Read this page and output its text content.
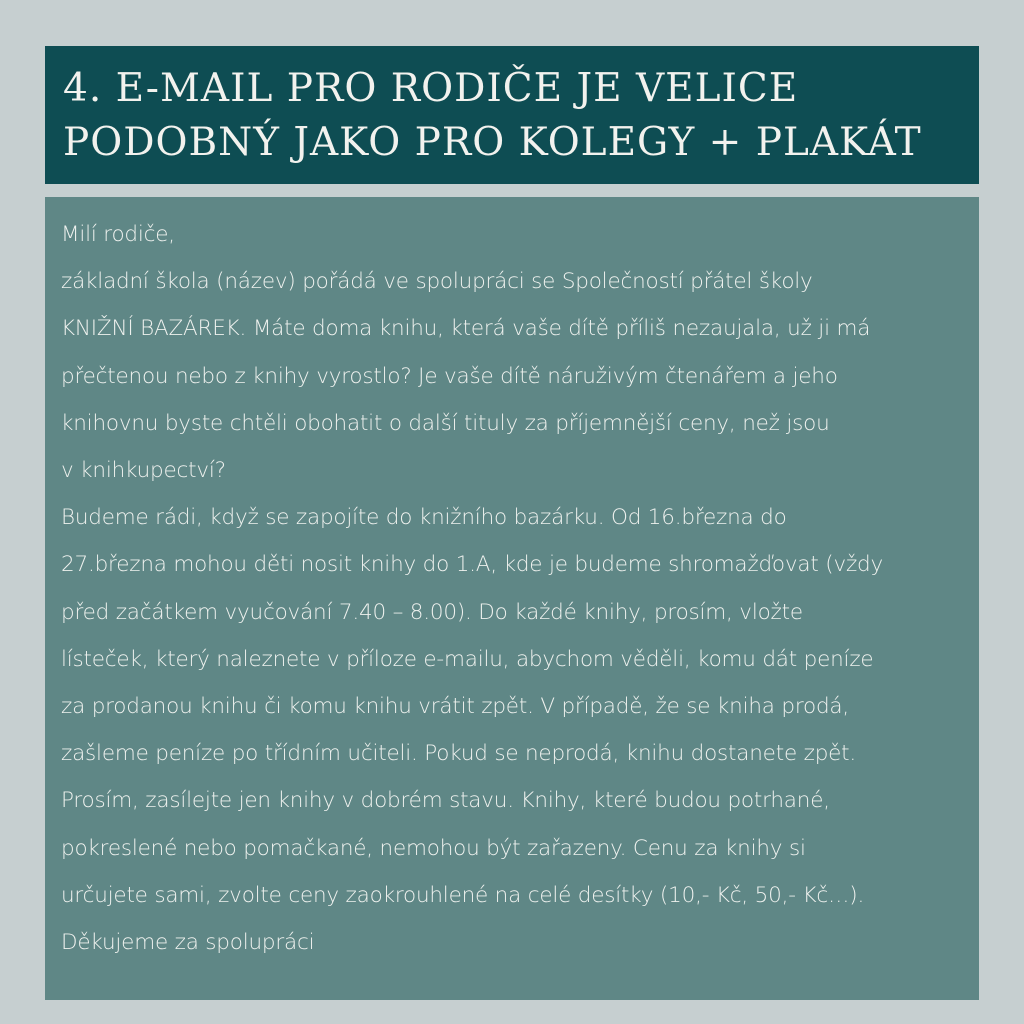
4. E-MAIL PRO RODIČE JE VELICE
PODOBNÝ JAKO PRO KOLEGY + PLAKÁT
Milí rodiče,
základní škola (název) pořádá ve spolupráci se Společností přátel školy
KNIŽNÍ BAZÁREK. Máte doma knihu, která vaše dítě příliš nezaujala, už ji má
přečtenou nebo z knihy vyrostlo? Je vaše dítě náruživým čtenářem a jeho
knihovnu byste chtěli obohatit o další tituly za příjemnější ceny, než jsou
v knihkupectví?
Budeme rádi, když se zapojíte do knižního bazárku. Od 16.března do
27.března mohou děti nosit knihy do 1.A, kde je budeme shromažďovat (vždy
před začátkem vyučování 7.40 – 8.00). Do každé knihy, prosím, vložte
lísteček, který naleznete v příloze e-mailu, abychom věděli, komu dát peníze
za prodanou knihu či komu knihu vrátit zpět. V případě, že se kniha prodá,
zašleme peníze po třídním učiteli. Pokud se neprodá, knihu dostanete zpět.
Prosím, zasílejte jen knihy v dobrém stavu. Knihy, které budou potrhané,
pokreslené nebo pomačkané, nemohou být zařazeny. Cenu za knihy si
určujete sami, zvolte ceny zaokrouhlené na celé desítky (10,- Kč, 50,- Kč…).
Děkujeme za spolupráci
